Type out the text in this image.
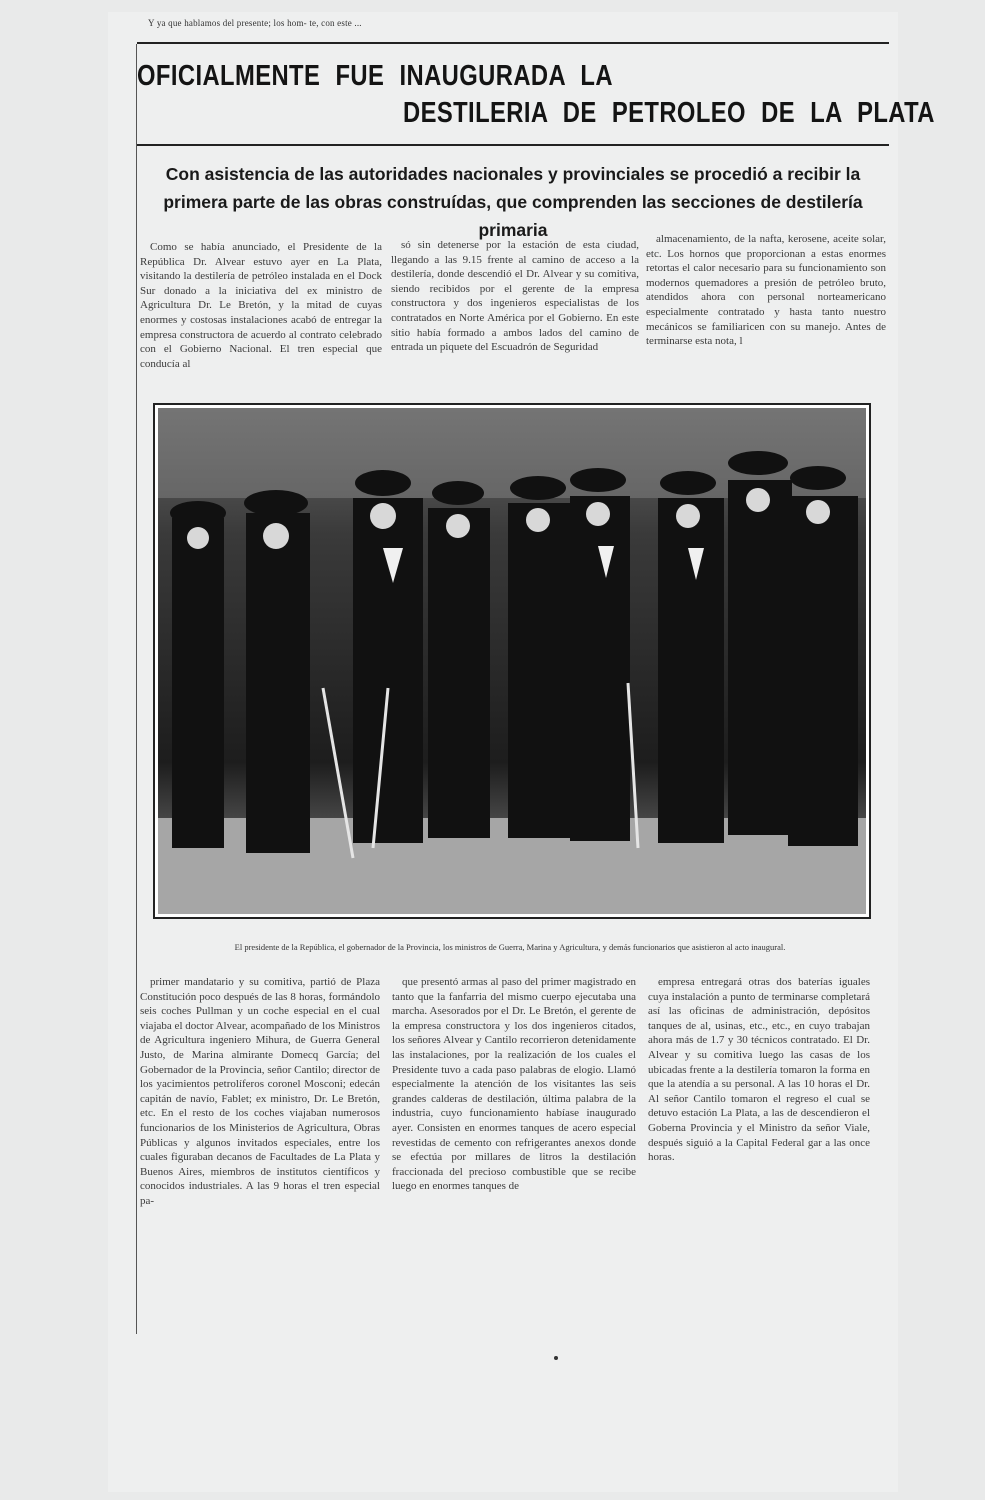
Y ya que hablamos del presente; los hom- te, con este ...
OFICIALMENTE FUE INAUGURADA LA
DESTILERIA DE PETROLEO DE LA PLATA
Con asistencia de las autoridades nacionales y provinciales se procedió a recibir la primera parte de las obras construídas, que comprenden las secciones de destilería primaria

Como se había anunciado, el Presidente de la República Dr. Alvear estuvo ayer en La Plata, visitando la destilería de petróleo instalada en el Dock Sur donado a la iniciativa del ex ministro de Agricultura Dr. Le Bretón, y la mitad de cuyas enormes y costosas instalaciones acabó de entregar la empresa constructora de acuerdo al contrato celebrado con el Gobierno Nacional. El tren especial que conducía al

só sin detenerse por la estación de esta ciudad, llegando a las 9.15 frente al camino de acceso a la destilería, donde descendió el Dr. Alvear y su comitiva, siendo recibidos por el gerente de la empresa constructora y dos ingenieros especialistas de los contratados en Norte América por el Gobierno. En este sitio había formado a ambos lados del camino de entrada un piquete del Escuadrón de Seguridad

almacenamiento, de la nafta, kerosene, aceite solar, etc. Los hornos que proporcionan a estas enormes retortas el calor necesario para su funcionamiento son modernos quemadores a presión de petróleo bruto, atendidos ahora con personal norteamericano especialmente contratado y hasta tanto nuestro mecánicos se familiaricen con su manejo. Antes de terminarse esta nota, l

El presidente de la República, el gobernador de la Provincia, los ministros de Guerra, Marina y Agricultura, y demás funcionarios que asistieron al acto inaugural.

primer mandatario y su comitiva, partió de Plaza Constitución poco después de las 8 horas, formándolo seis coches Pullman y un coche especial en el cual viajaba el doctor Alvear, acompañado de los Ministros de Agricultura ingeniero Mihura, de Guerra General Justo, de Marina almirante Domecq García; del Gobernador de la Provincia, señor Cantilo; director de los yacimientos petrolíferos coronel Mosconi; edecán capitán de navío, Fablet; ex ministro, Dr. Le Bretón, etc. En el resto de los coches viajaban numerosos funcionarios de los Ministerios de Agricultura, Obras Públicas y algunos invitados especiales, entre los cuales figuraban decanos de Facultades de La Plata y Buenos Aires, miembros de institutos científicos y conocidos industriales. A las 9 horas el tren especial pa-

que presentó armas al paso del primer magistrado en tanto que la fanfarria del mismo cuerpo ejecutaba una marcha. Asesorados por el Dr. Le Bretón, el gerente de la empresa constructora y los dos ingenieros citados, los señores Alvear y Cantilo recorrieron detenidamente las instalaciones, por la realización de los cuales el Presidente tuvo a cada paso palabras de elogio. Llamó especialmente la atención de los visitantes las seis grandes calderas de destilación, última palabra de la industria, cuyo funcionamiento habíase inaugurado ayer. Consisten en enormes tanques de acero especial revestidas de cemento con refrigerantes anexos donde se efectúa por millares de litros la destilación fraccionada del precioso combustible que se recibe luego en enormes tanques de

empresa entregará otras dos baterías iguales cuya instalación a punto de terminarse completará así las oficinas de administración, depósitos tanques de al, usinas, etc., etc., en cuyo trabajan ahora más de 1.7 y 30 técnicos contratado. El Dr. Alvear y su comitiva luego las casas de los ubicadas frente a la destilería tomaron la forma en que la atendía a su personal. A las 10 horas el Dr. Al señor Cantilo tomaron el regreso el cual se detuvo estación La Plata, a las de descendieron el Goberna Provincia y el Ministro da señor Viale, después siguió a la Capital Federal gar a las once horas.
